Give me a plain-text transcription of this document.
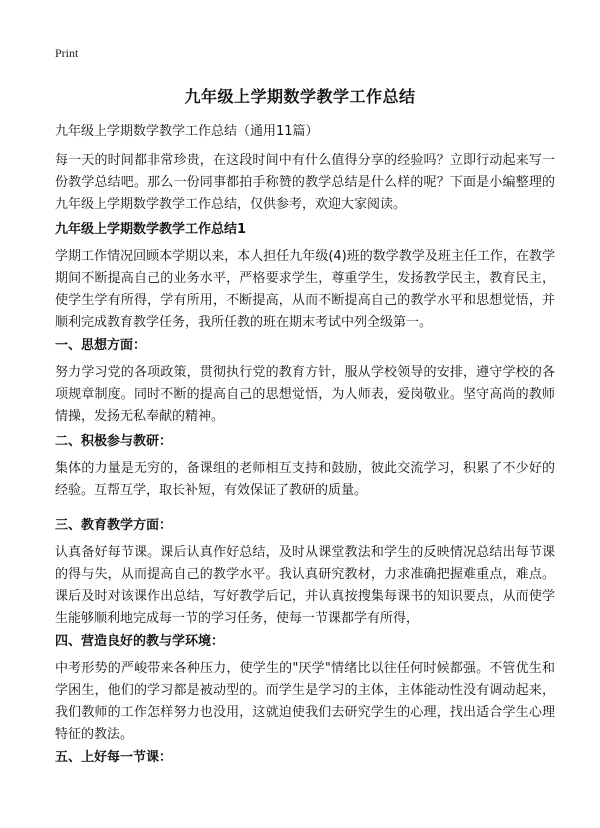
Print
九年级上学期数学教学工作总结
九年级上学期数学教学工作总结（通用11篇）

每一天的时间都非常珍贵，在这段时间中有什么值得分享的经验吗？立即行动起来写一份教学总结吧。那么一份同事都拍手称赞的教学总结是什么样的呢？下面是小编整理的九年级上学期数学教学工作总结，仅供参考，欢迎大家阅读。

九年级上学期数学教学工作总结1

学期工作情况回顾本学期以来，本人担任九年级(4)班的数学教学及班主任工作，在教学期间不断提高自己的业务水平，严格要求学生，尊重学生，发扬教学民主，教育民主，使学生学有所得，学有所用，不断提高，从而不断提高自己的教学水平和思想觉悟，并顺利完成教育教学任务，我所任教的班在期末考试中列全级第一。

一、思想方面：

努力学习党的各项政策，贯彻执行党的教育方针，服从学校领导的安排，遵守学校的各项规章制度。同时不断的提高自己的思想觉悟，为人师表，爱岗敬业。坚守高尚的教师情操，发扬无私奉献的精神。

二、积极参与教研：

集体的力量是无穷的，备课组的老师相互支持和鼓励，彼此交流学习，积累了不少好的经验。互帮互学，取长补短，有效保证了教研的质量。

三、教育教学方面：

认真备好每节课。课后认真作好总结，及时从课堂教法和学生的反映情况总结出每节课的得与失，从而提高自己的教学水平。我认真研究教材，力求准确把握难重点，难点。课后及时对该课作出总结，写好教学后记，并认真按搜集每课书的知识要点，从而使学生能够顺利地完成每一节的学习任务，使每一节课都学有所得，

四、营造良好的教与学环境：

中考形势的严峻带来各种压力，使学生的"厌学"情绪比以往任何时候都强。不管优生和学困生，他们的学习都是被动型的。而学生是学习的主体，主体能动性没有调动起来，我们教师的工作怎样努力也没用，这就迫使我们去研究学生的心理，找出适合学生心理特征的教法。

五、上好每一节课：
